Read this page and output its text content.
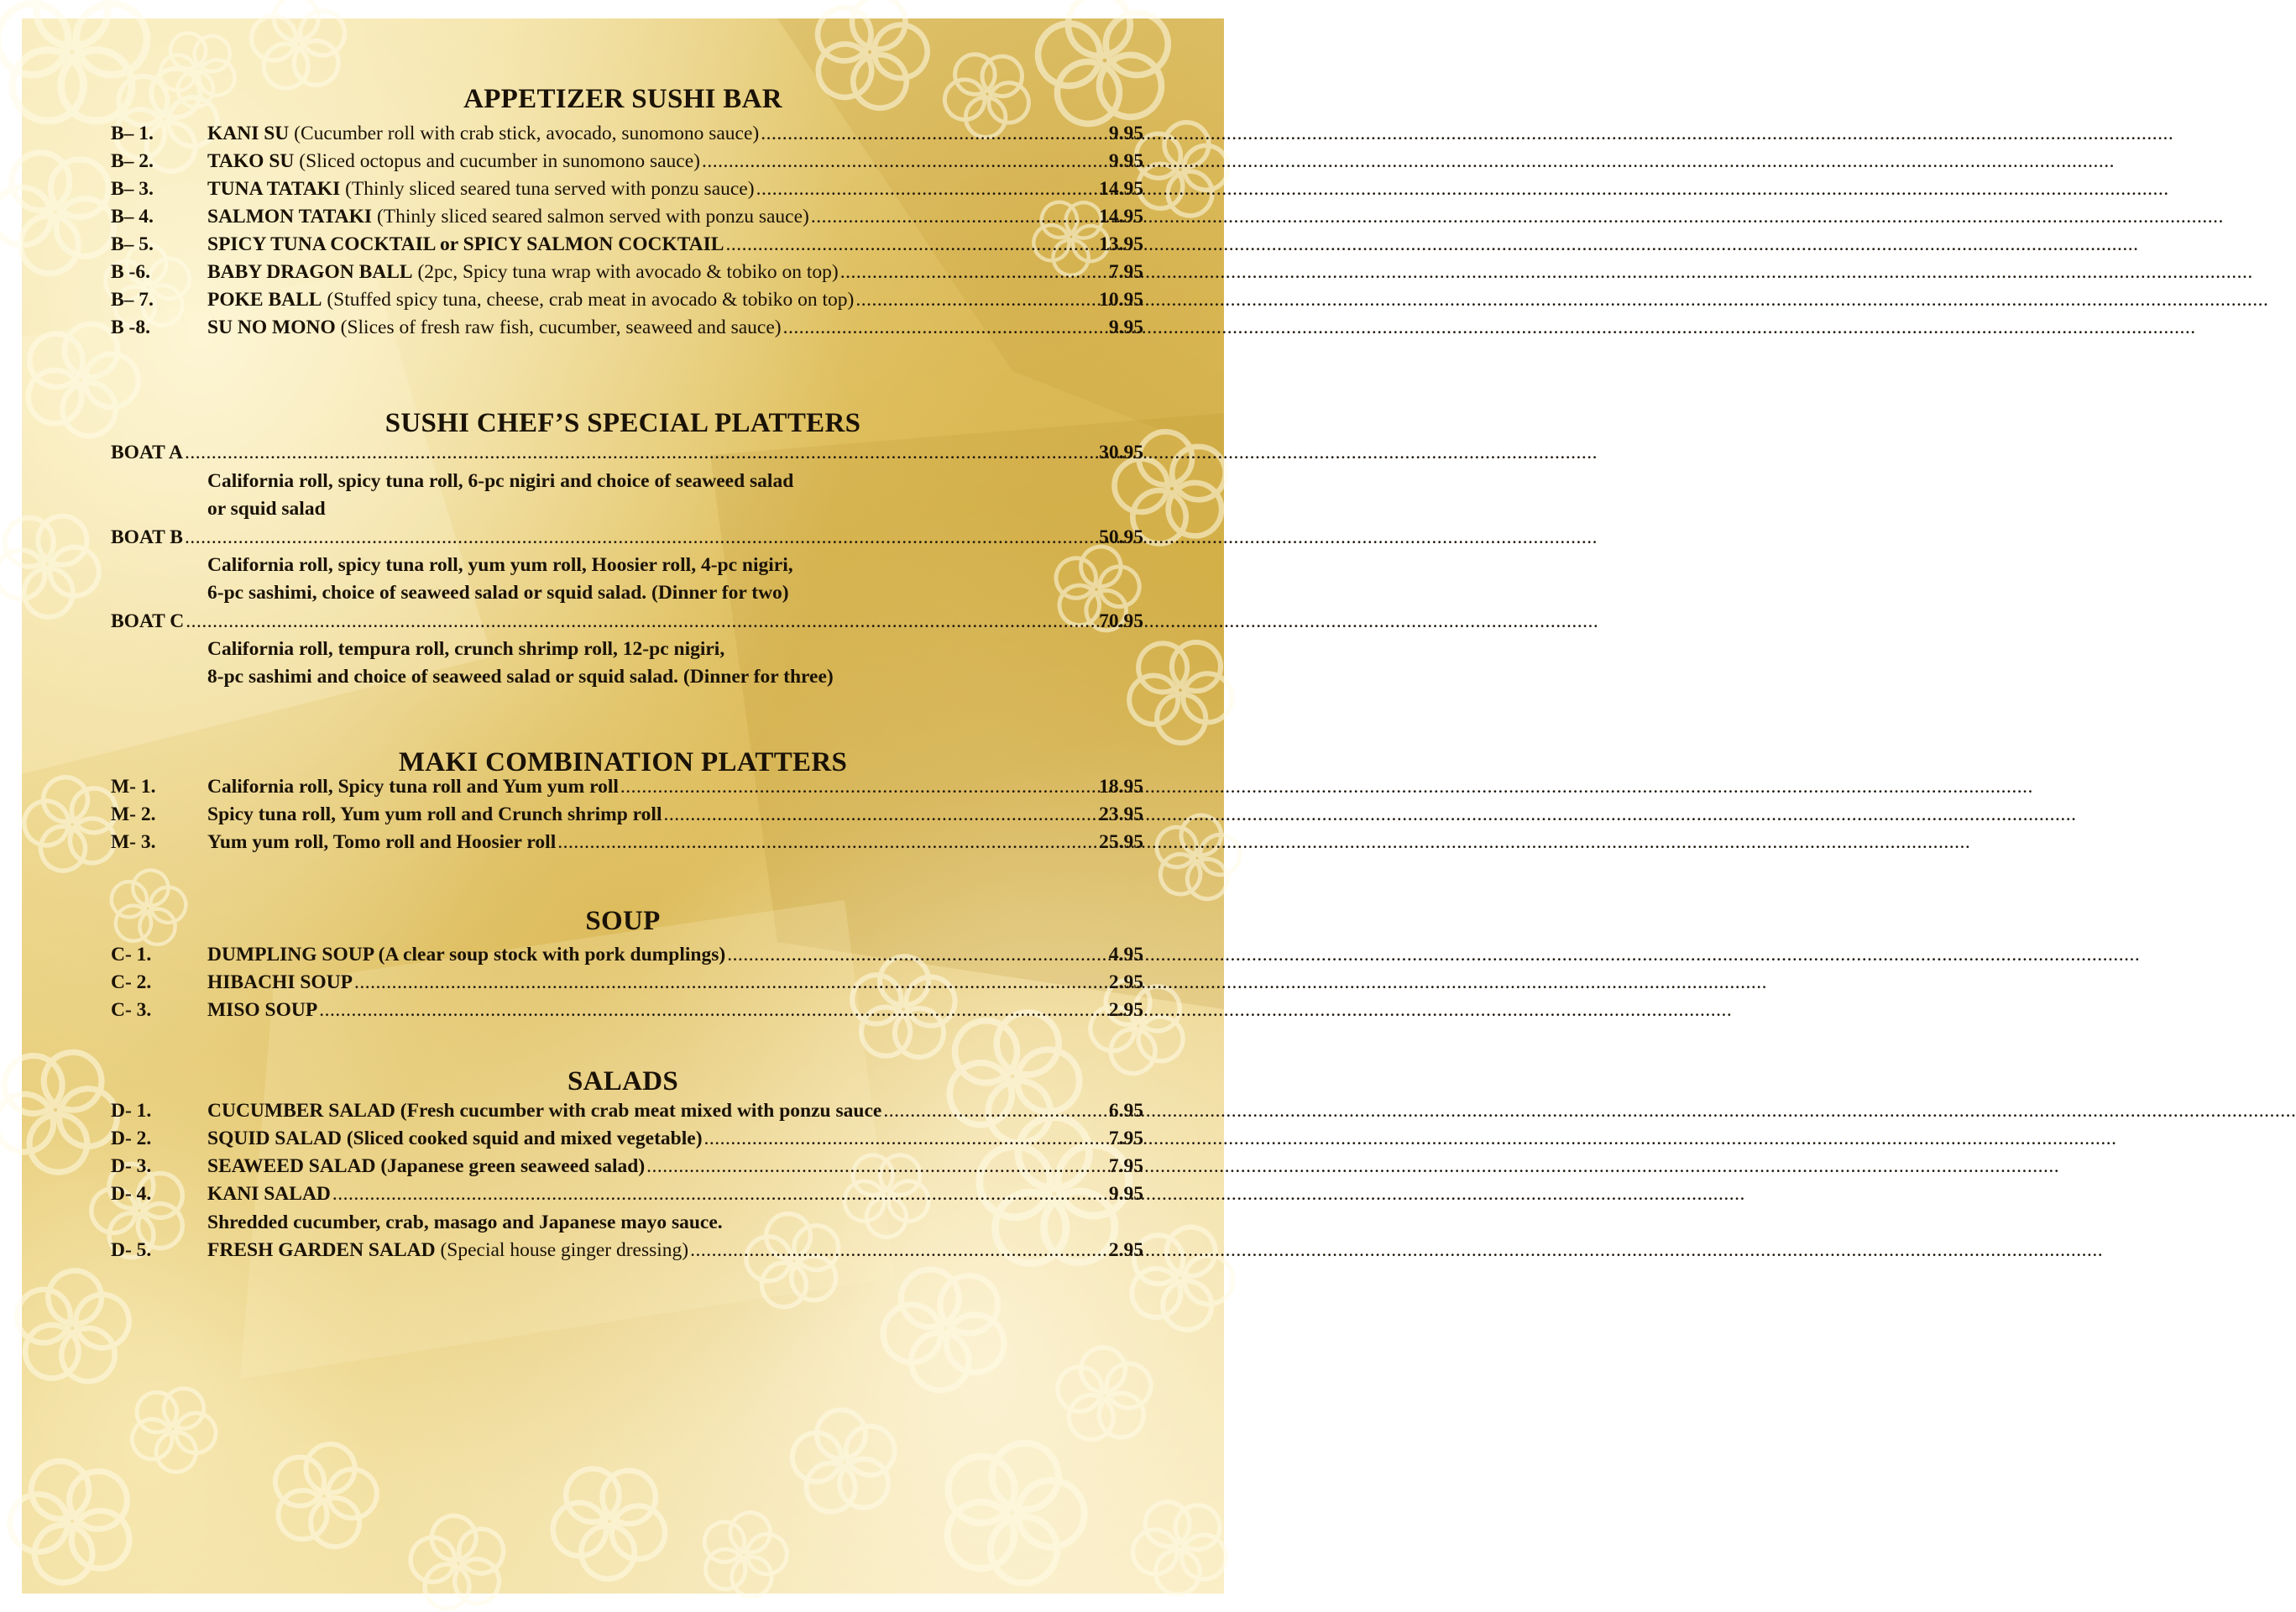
APPETIZER SUSHI BAR
B– 1.	KANI SU (Cucumber roll with crab stick, avocado, sunomono sauce) .....	9.95
B– 2.	TAKO SU (Sliced octopus and cucumber in sunomono sauce) .....	9.95
B– 3.	TUNA TATAKI (Thinly sliced seared tuna served with ponzu sauce) .....	14.95
B– 4.	SALMON TATAKI (Thinly sliced seared salmon served with ponzu sauce) .....	14.95
B– 5.	SPICY TUNA COCKTAIL or SPICY SALMON COCKTAIL .....	13.95
B -6.	BABY DRAGON BALL (2pc, Spicy tuna wrap with avocado & tobiko on top) .....	7.95
B– 7.	POKE BALL (Stuffed spicy tuna, cheese, crab meat in avocado & tobiko on top) .....	10.95
B -8.	SU NO MONO (Slices of fresh raw fish, cucumber, seaweed and sauce) .....	9.95
SUSHI CHEF’S SPECIAL PLATTERS
BOAT A .....	30.95
California roll, spicy tuna roll, 6-pc nigiri and choice of seaweed salad
or squid salad
BOAT B .....	50.95
California roll, spicy tuna roll, yum yum roll, Hoosier roll, 4-pc nigiri,
6-pc sashimi, choice of seaweed salad or squid salad. (Dinner for two)
BOAT C .....	70.95
California roll, tempura roll, crunch shrimp roll, 12-pc nigiri,
8-pc sashimi and choice of seaweed salad or squid salad. (Dinner for three)
MAKI COMBINATION PLATTERS
M- 1.	California roll, Spicy tuna roll and Yum yum roll .....	18.95
M- 2.	Spicy tuna roll, Yum yum roll and Crunch shrimp roll .....	23.95
M- 3.	Yum yum roll, Tomo roll and Hoosier roll .....	25.95
SOUP
C- 1.	DUMPLING SOUP (A clear soup stock with pork dumplings) .....	4.95
C- 2.	HIBACHI SOUP .....	2.95
C- 3.	MISO SOUP .....	2.95
SALADS
D- 1.	CUCUMBER SALAD (Fresh cucumber with crab meat mixed with ponzu sauce .....	6.95
D- 2.	SQUID SALAD (Sliced cooked squid and mixed vegetable) .....	7.95
D- 3.	SEAWEED SALAD (Japanese green seaweed salad) .....	7.95
D- 4.	KANI SALAD .....	9.95
Shredded cucumber, crab, masago and Japanese mayo sauce.
D- 5.	FRESH GARDEN SALAD (Special house ginger dressing) .....	2.95
